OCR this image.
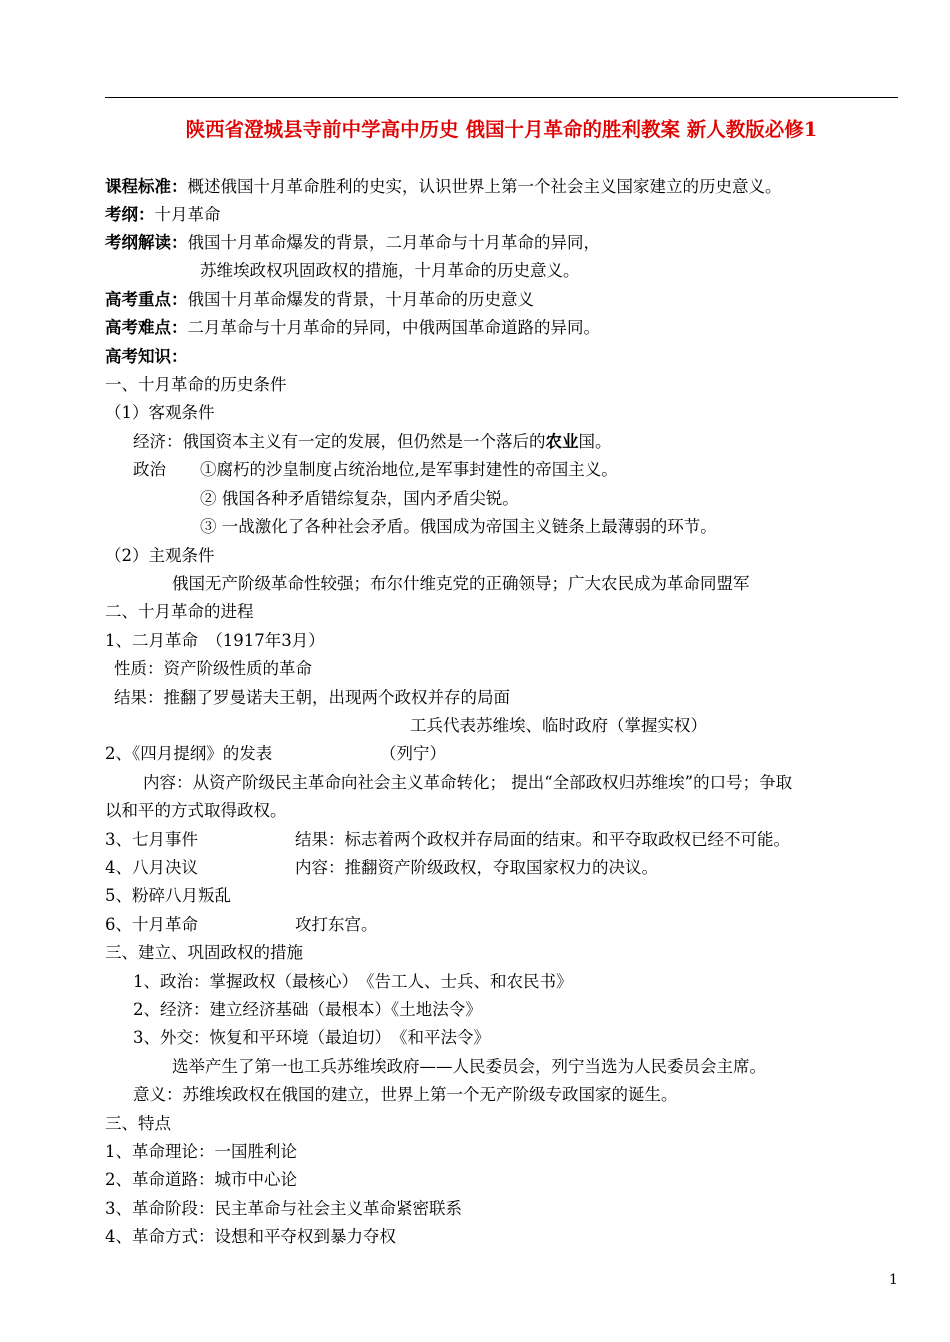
陕西省澄城县寺前中学高中历史 俄国十月革命的胜利教案 新人教版必修1
课程标准：概述俄国十月革命胜利的史实，认识世界上第一个社会主义国家建立的历史意义。
考纲：十月革命
考纲解读：俄国十月革命爆发的背景，二月革命与十月革命的异同，
苏维埃政权巩固政权的措施，十月革命的历史意义。
高考重点：俄国十月革命爆发的背景，十月革命的历史意义
高考难点：二月革命与十月革命的异同，中俄两国革命道路的异同。
高考知识：
一、十月革命的历史条件
（1）客观条件
经济：俄国资本主义有一定的发展，但仍然是一个落后的农业国。
政治 ①腐朽的沙皇制度占统治地位,是军事封建性的帝国主义。
② 俄国各种矛盾错综复杂，国内矛盾尖锐。
③ 一战激化了各种社会矛盾。俄国成为帝国主义链条上最薄弱的环节。
（2）主观条件
俄国无产阶级革命性较强；布尔什维克党的正确领导；广大农民成为革命同盟军
二、十月革命的进程
1、二月革命　（1917年3月）
性质：资产阶级性质的革命
结果：推翻了罗曼诺夫王朝，出现两个政权并存的局面
工兵代表苏维埃、临时政府（掌握实权）
2、《四月提纲》的发表	（列宁）
内容：从资产阶级民主革命向社会主义革命转化； 提出“全部政权归苏维埃”的口号；争取
以和平的方式取得政权。
3、七月事件	结果：标志着两个政权并存局面的结束。和平夺取政权已经不可能。
4、八月决议	内容：推翻资产阶级政权，夺取国家权力的决议。
5、粉碎八月叛乱
6、十月革命	攻打东宫。
三、建立、巩固政权的措施
1、政治：掌握政权（最核心）　《告工人、士兵、和农民书》
2、经济：建立经济基础（最根本）《土地法令》
3、外交：恢复和平环境（最迫切）　《和平法令》
选举产生了第一也工兵苏维埃政府——人民委员会，列宁当选为人民委员会主席。
意义：苏维埃政权在俄国的建立，世界上第一个无产阶级专政国家的诞生。
三、特点
1、革命理论：一国胜利论
2、革命道路：城市中心论
3、革命阶段：民主革命与社会主义革命紧密联系
4、革命方式：设想和平夺权到暴力夺权
1
